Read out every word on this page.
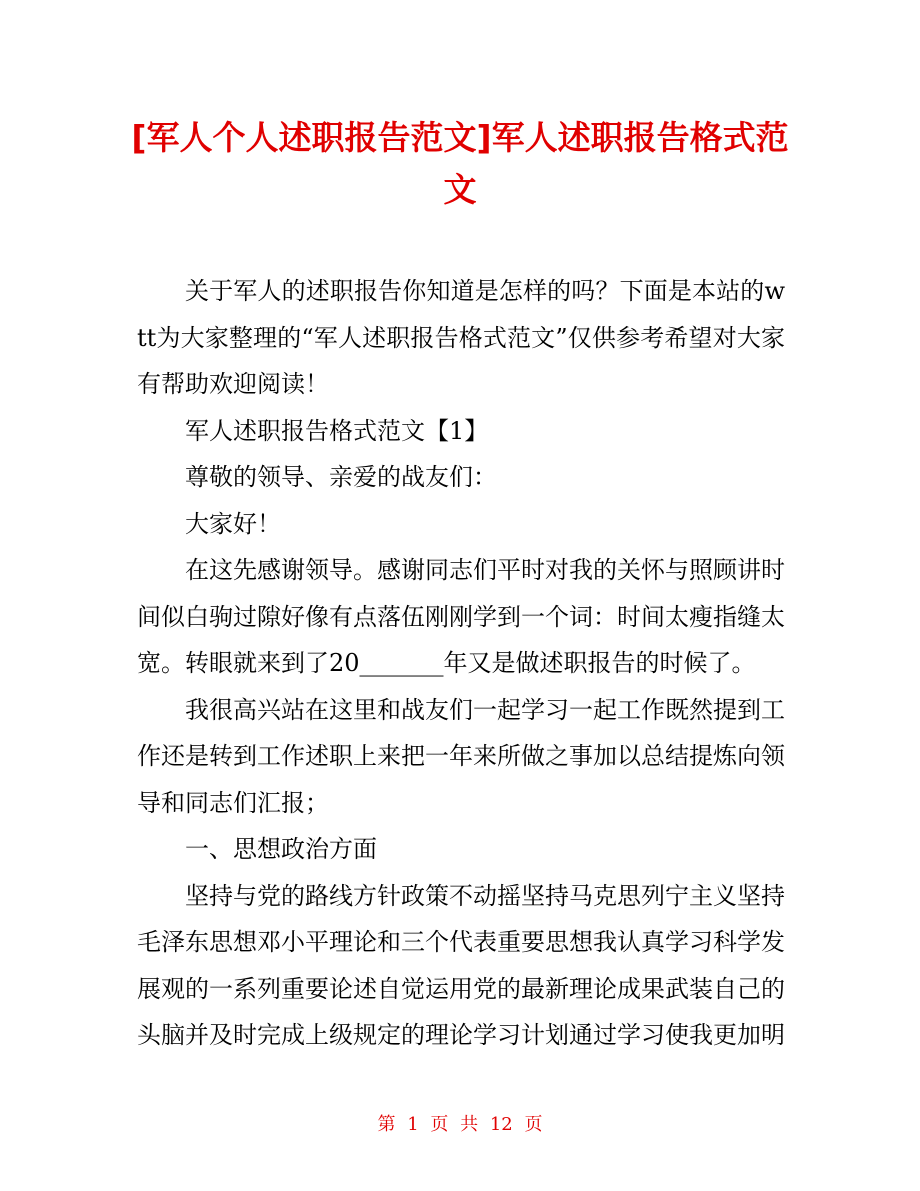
[军人个人述职报告范文]军人述职报告格式范文

关于军人的述职报告你知道是怎样的吗？下面是本站的wtt为大家整理的“军人述职报告格式范文”仅供参考希望对大家有帮助欢迎阅读！

军人述职报告格式范文【1】

尊敬的领导、亲爱的战友们：

大家好！

在这先感谢领导。感谢同志们平时对我的关怀与照顾讲时间似白驹过隙好像有点落伍刚刚学到一个词：时间太瘦指缝太宽。转眼就来到了20_______年又是做述职报告的时候了。

我很高兴站在这里和战友们一起学习一起工作既然提到工作还是转到工作述职上来把一年来所做之事加以总结提炼向领导和同志们汇报；

一、思想政治方面

坚持与党的路线方针政策不动摇坚持马克思列宁主义坚持毛泽东思想邓小平理论和三个代表重要思想我认真学习科学发展观的一系列重要论述自觉运用党的最新理论成果武装自己的头脑并及时完成上级规定的理论学习计划通过学习使我更加明

第 1 页 共 12 页
